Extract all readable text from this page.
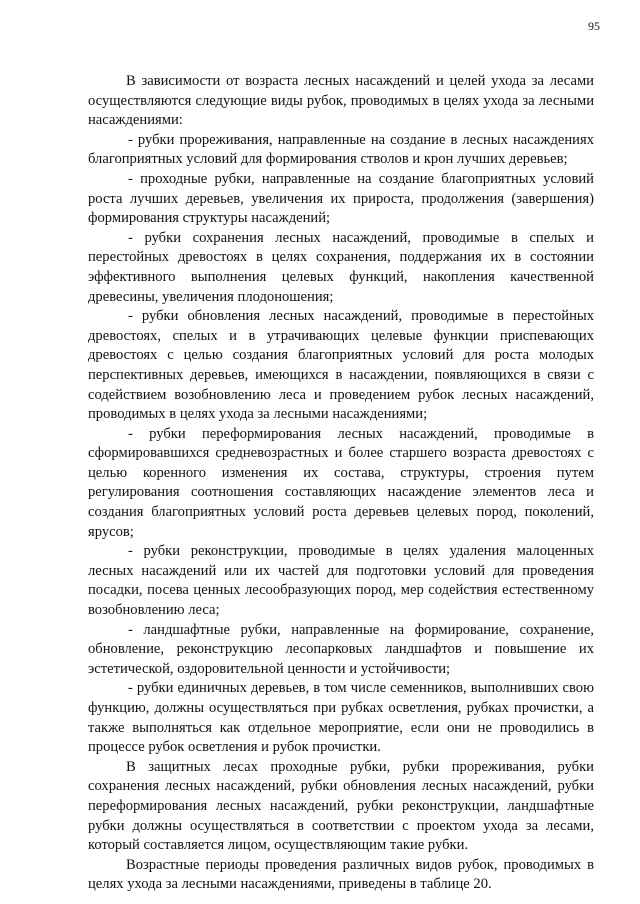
95

В зависимости от возраста лесных насаждений и целей ухода за лесами осуществляются следующие виды рубок, проводимых в целях ухода за лесными насаждениями:

- рубки прореживания, направленные на создание в лесных насаждениях благоприятных условий для формирования стволов и крон лучших деревьев;

- проходные рубки, направленные на создание благоприятных условий роста лучших деревьев, увеличения их прироста, продолжения (завершения) формирования структуры насаждений;

- рубки сохранения лесных насаждений, проводимые в спелых и перестойных древостоях в целях сохранения, поддержания их в состоянии эффективного выполнения целевых функций, накопления качественной древесины, увеличения плодоношения;

- рубки обновления лесных насаждений, проводимые в перестойных древостоях, спелых и в утрачивающих целевые функции приспевающих древостоях с целью создания благоприятных условий для роста молодых перспективных деревьев, имеющихся в насаждении, появляющихся в связи с содействием возобновлению леса и проведением рубок лесных насаждений, проводимых в целях ухода за лесными насаждениями;

- рубки переформирования лесных насаждений, проводимые в сформировавшихся средневозрастных и более старшего возраста древостоях с целью коренного изменения их состава, структуры, строения путем регулирования соотношения составляющих насаждение элементов леса и создания благоприятных условий роста деревьев целевых пород, поколений, ярусов;

- рубки реконструкции, проводимые в целях удаления малоценных лесных насаждений или их частей для подготовки условий для проведения посадки, посева ценных лесообразующих пород, мер содействия естественному возобновлению леса;

- ландшафтные рубки, направленные на формирование, сохранение, обновление, реконструкцию лесопарковых ландшафтов и повышение их эстетической, оздоровительной ценности и устойчивости;

- рубки единичных деревьев, в том числе семенников, выполнивших свою функцию, должны осуществляться при рубках осветления, рубках прочистки, а также выполняться как отдельное мероприятие, если они не проводились в процессе рубок осветления и рубок прочистки.

В защитных лесах проходные рубки, рубки прореживания, рубки сохранения лесных насаждений, рубки обновления лесных насаждений, рубки переформирования лесных насаждений, рубки реконструкции, ландшафтные рубки должны осуществляться в соответствии с проектом ухода за лесами, который составляется лицом, осуществляющим такие рубки.

Возрастные периоды проведения различных видов рубок, проводимых в целях ухода за лесными насаждениями, приведены в таблице 20.
